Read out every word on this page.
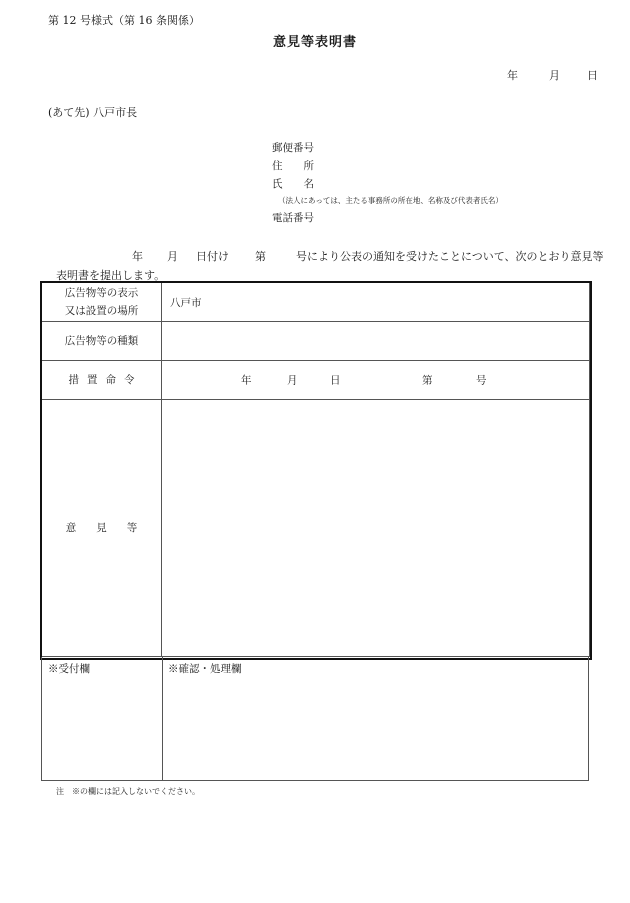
第 12 号様式（第 16 条関係）
意見等表明書
年	月 日
(あて先) 八戸市長
郵便番号
住　　所
氏　　名
（法人にあっては、主たる事務所の所在地、名称及び代表者氏名）
電話番号
年 月 日付け 第	号により公表の通知を受けたことについて、次のとおり意見等
表明書を提出します。
広告物等の表示
又は設置の場所	八戸市
広告物等の種類	
措置命令	年 月 日 第 号

意見等	
※受付欄	※確認・処理欄
注　※の欄には記入しないでください。
